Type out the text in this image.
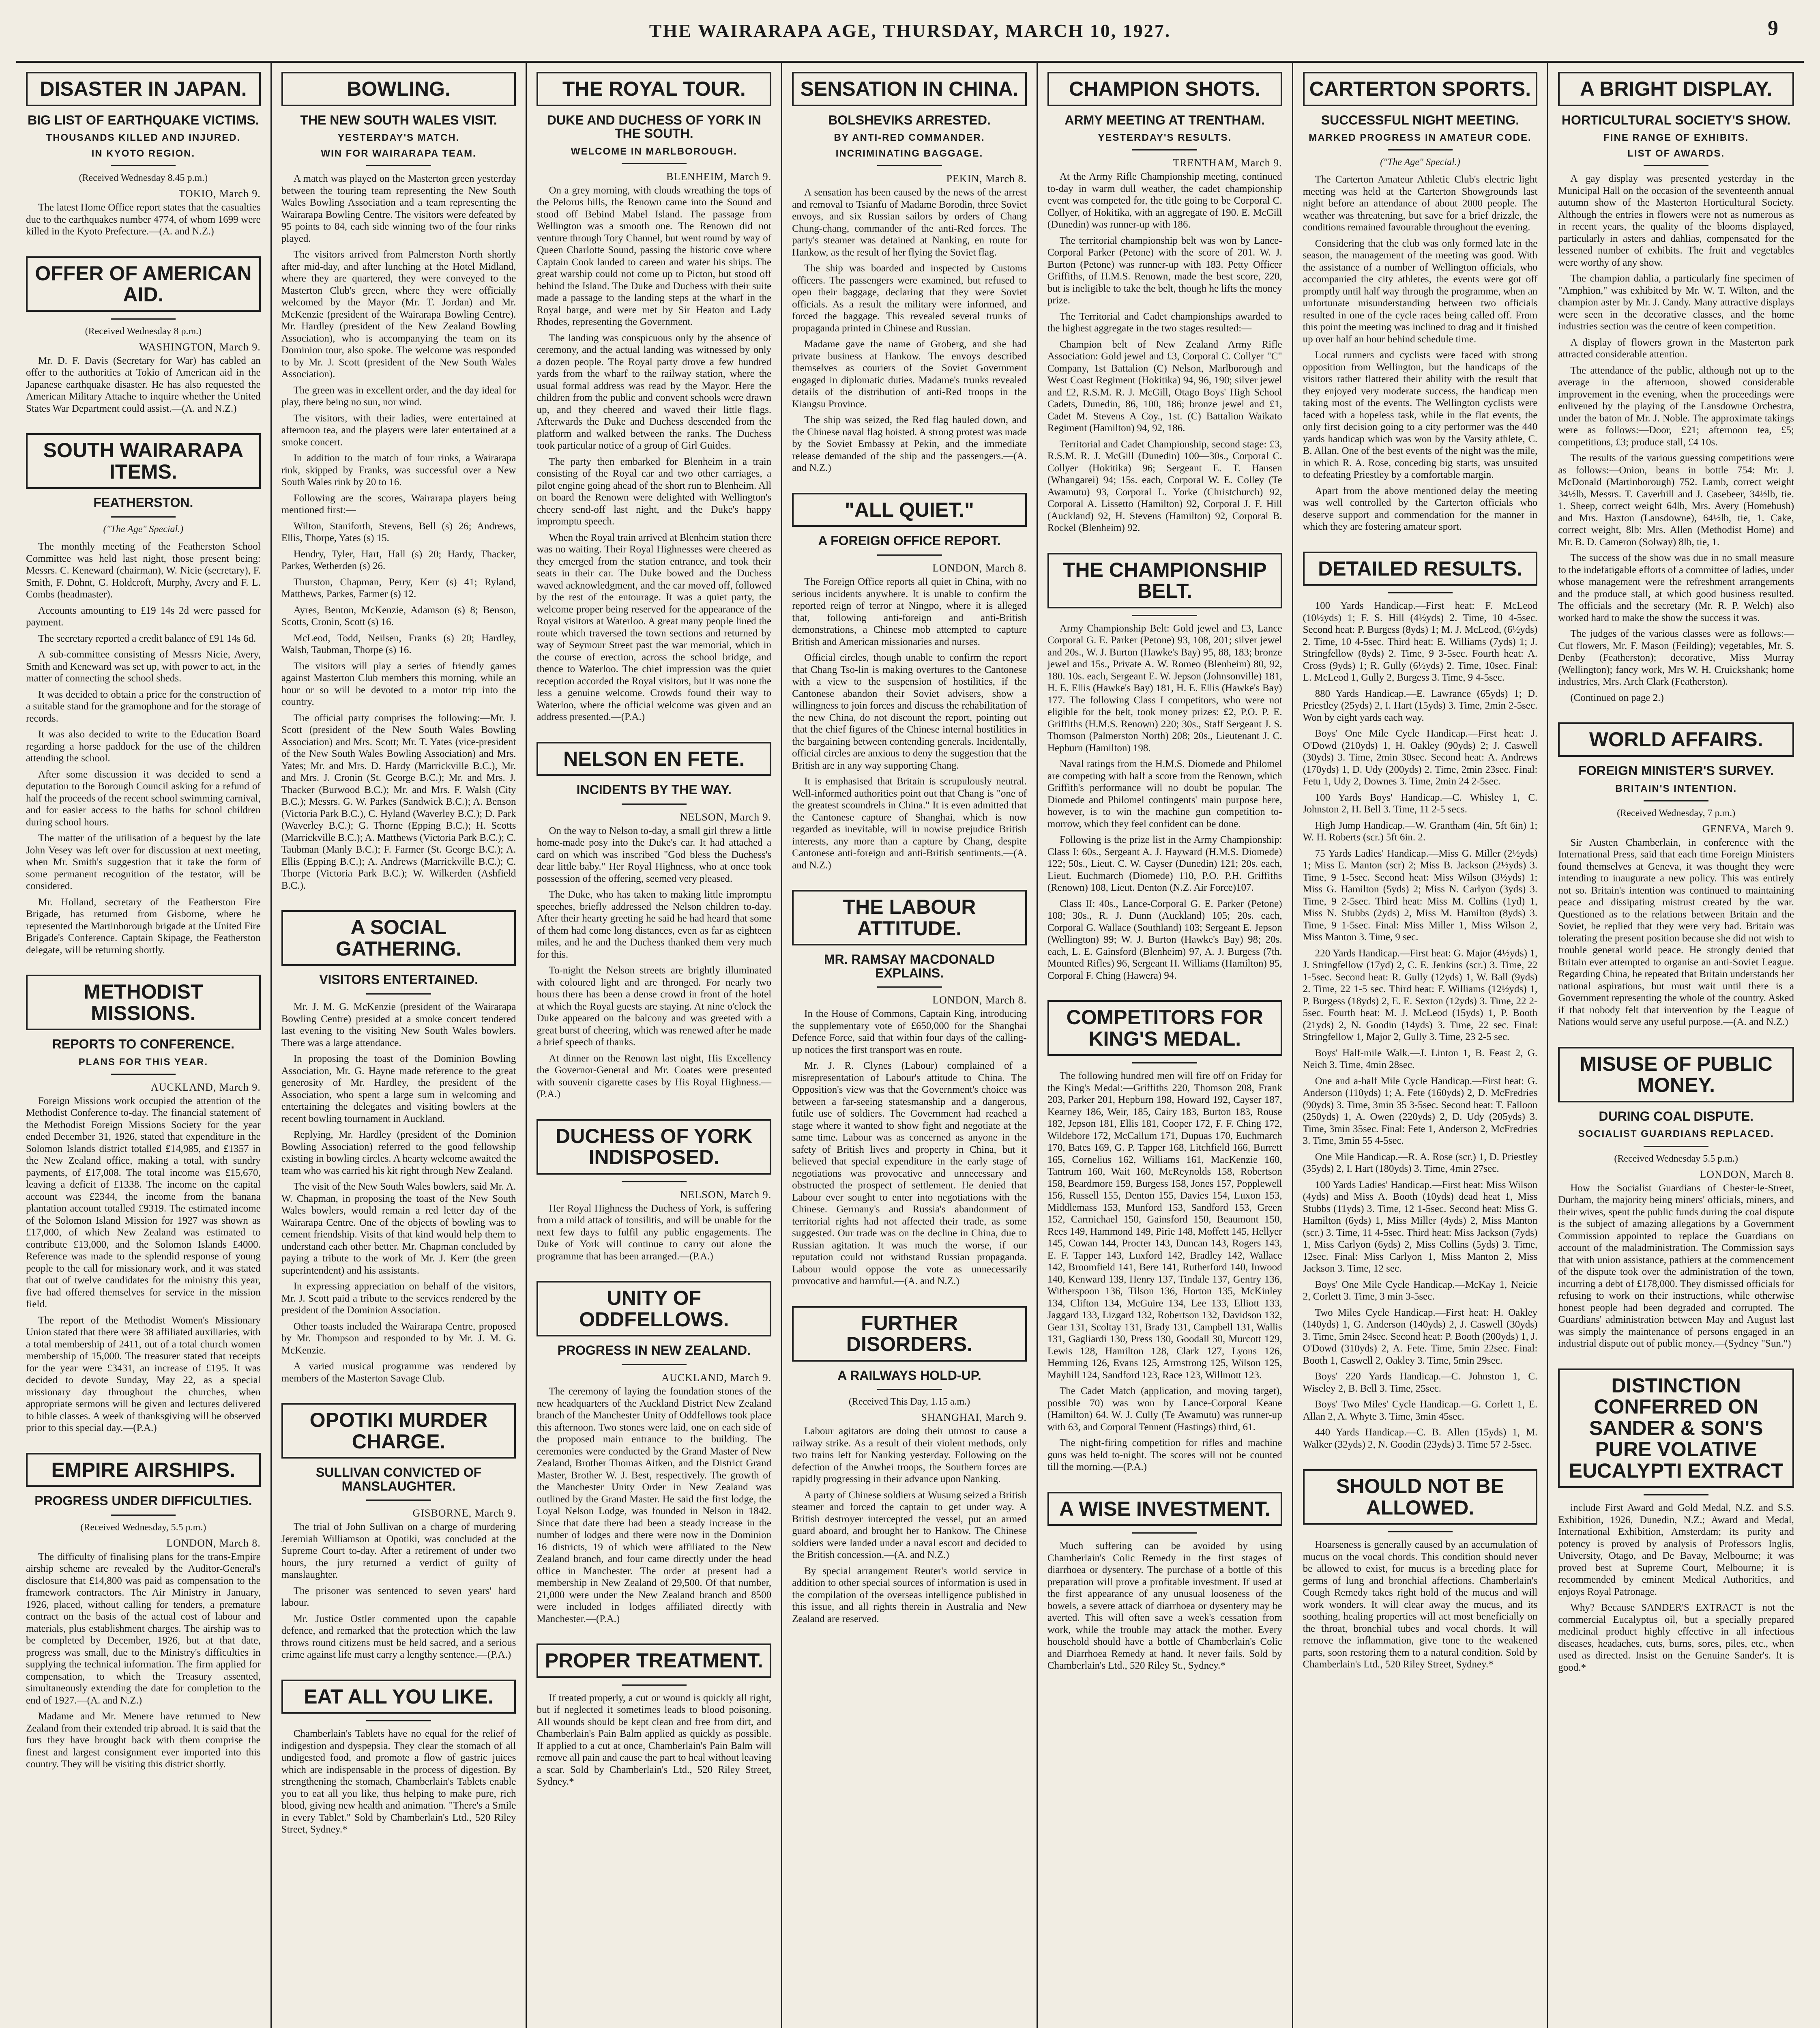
THE WAIRARAPA AGE, THURSDAY, MARCH 10, 1927.	9
DISASTER IN JAPAN.
BIG LIST OF EARTHQUAKE VICTIMS.
THOUSANDS KILLED AND INJURED.
IN KYOTO REGION.
(Received Wednesday 8.45 p.m.)
TOKIO, March 9.

The latest Home Office report states that the casualties due to the earthquakes number 4774, of whom 1699 were killed in the Kyoto Prefecture.—(A. and N.Z.)

OFFER OF AMERICAN AID.
(Received Wednesday 8 p.m.)
WASHINGTON, March 9.

Mr. D. F. Davis (Secretary for War) has cabled an offer to the authorities at Tokio of American aid in the Japanese earthquake disaster. He has also requested the American Military Attache to inquire whether the United States War Department could assist.—(A. and N.Z.)

SOUTH WAIRARAPA ITEMS.
FEATHERSTON.
("The Age" Special.)

The monthly meeting of the Featherston School Committee was held last night, those present being: Messrs. C. Keneward (chairman), W. Nicie (secretary), F. Smith, F. Dohnt, G. Holdcroft, Murphy, Avery and F. L. Combs (headmaster).

Accounts amounting to £19 14s 2d were passed for payment.

The secretary reported a credit balance of £91 14s 6d.

A sub-committee consisting of Messrs Nicie, Avery, Smith and Keneward was set up, with power to act, in the matter of connecting the school sheds.

It was decided to obtain a price for the construction of a suitable stand for the gramophone and for the storage of records.

It was also decided to write to the Education Board regarding a horse paddock for the use of the children attending the school.

After some discussion it was decided to send a deputation to the Borough Council asking for a refund of half the proceeds of the recent school swimming carnival, and for easier access to the baths for school children during school hours.

The matter of the utilisation of a bequest by the late John Vesey was left over for discussion at next meeting, when Mr. Smith's suggestion that it take the form of some permanent recognition of the testator, will be considered.

Mr. Holland, secretary of the Featherston Fire Brigade, has returned from Gisborne, where he represented the Martinborough brigade at the United Fire Brigade's Conference. Captain Skipage, the Featherston delegate, will be returning shortly.

METHODIST MISSIONS.
REPORTS TO CONFERENCE.
PLANS FOR THIS YEAR.
AUCKLAND, March 9.

Foreign Missions work occupied the attention of the Methodist Conference to-day. The financial statement of the Methodist Foreign Missions Society for the year ended December 31, 1926, stated that expenditure in the Solomon Islands district totalled £14,985, and £1357 in the New Zealand office, making a total, with sundry payments, of £17,008. The total income was £15,670, leaving a deficit of £1338. The income on the capital account was £2344, the income from the banana plantation account totalled £9319. The estimated income of the Solomon Island Mission for 1927 was shown as £17,000, of which New Zealand was estimated to contribute £13,000, and the Solomon Islands £4000. Reference was made to the splendid response of young people to the call for missionary work, and it was stated that out of twelve candidates for the ministry this year, five had offered themselves for service in the mission field.

The report of the Methodist Women's Missionary Union stated that there were 38 affiliated auxiliaries, with a total membership of 2411, out of a total church women membership of 15,000. The treasurer stated that receipts for the year were £3431, an increase of £195. It was decided to devote Sunday, May 22, as a special missionary day throughout the churches, when appropriate sermons will be given and lectures delivered to bible classes. A week of thanksgiving will be observed prior to this special day.—(P.A.)

EMPIRE AIRSHIPS.
PROGRESS UNDER DIFFICULTIES.
(Received Wednesday, 5.5 p.m.)
LONDON, March 8.

The difficulty of finalising plans for the trans-Empire airship scheme are revealed by the Auditor-General's disclosure that £14,800 was paid as compensation to the framework contractors. The Air Ministry in January, 1926, placed, without calling for tenders, a premature contract on the basis of the actual cost of labour and materials, plus establishment charges. The airship was to be completed by December, 1926, but at that date, progress was small, due to the Ministry's difficulties in supplying the technical information. The firm applied for compensation, to which the Treasury assented, simultaneously extending the date for completion to the end of 1927.—(A. and N.Z.)

Madame and Mr. Menere have returned to New Zealand from their extended trip abroad. It is said that the furs they have brought back with them comprise the finest and largest consignment ever imported into this country. They will be visiting this district shortly.

BOWLING.
THE NEW SOUTH WALES VISIT.
YESTERDAY'S MATCH.
WIN FOR WAIRARAPA TEAM.

A match was played on the Masterton green yesterday between the touring team representing the New South Wales Bowling Association and a team representing the Wairarapa Bowling Centre. The visitors were defeated by 95 points to 84, each side winning two of the four rinks played.

The visitors arrived from Palmerston North shortly after mid-day, and after lunching at the Hotel Midland, where they are quartered, they were conveyed to the Masterton Club's green, where they were officially welcomed by the Mayor (Mr. T. Jordan) and Mr. McKenzie (president of the Wairarapa Bowling Centre). Mr. Hardley (president of the New Zealand Bowling Association), who is accompanying the team on its Dominion tour, also spoke. The welcome was responded to by Mr. J. Scott (president of the New South Wales Association).

The green was in excellent order, and the day ideal for play, there being no sun, nor wind.

The visitors, with their ladies, were entertained at afternoon tea, and the players were later entertained at a smoke concert.

In addition to the match of four rinks, a Wairarapa rink, skipped by Franks, was successful over a New South Wales rink by 20 to 16.

Following are the scores, Wairarapa players being mentioned first:—

Wilton, Staniforth, Stevens, Bell (s) 26; Andrews, Ellis, Thorpe, Yates (s) 15.

Hendry, Tyler, Hart, Hall (s) 20; Hardy, Thacker, Parkes, Wetherden (s) 26.

Thurston, Chapman, Perry, Kerr (s) 41; Ryland, Matthews, Parkes, Farmer (s) 12.

Ayres, Benton, McKenzie, Adamson (s) 8; Benson, Scotts, Cronin, Scott (s) 16.

McLeod, Todd, Neilsen, Franks (s) 20; Hardley, Walsh, Taubman, Thorpe (s) 16.

The visitors will play a series of friendly games against Masterton Club members this morning, while an hour or so will be devoted to a motor trip into the country.

The official party comprises the following:—Mr. J. Scott (president of the New South Wales Bowling Association) and Mrs. Scott; Mr. T. Yates (vice-president of the New South Wales Bowling Association) and Mrs. Yates; Mr. and Mrs. D. Hardy (Marrickville B.C.), Mr. and Mrs. J. Cronin (St. George B.C.); Mr. and Mrs. J. Thacker (Burwood B.C.); Mr. and Mrs. F. Walsh (City B.C.); Messrs. G. W. Parkes (Sandwick B.C.); A. Benson (Victoria Park B.C.), C. Hyland (Waverley B.C.); D. Park (Waverley B.C.); G. Thorne (Epping B.C.); H. Scotts (Marrickville B.C.); A. Matthews (Victoria Park B.C.); C. Taubman (Manly B.C.); F. Farmer (St. George B.C.); A. Ellis (Epping B.C.); A. Andrews (Marrickville B.C.); C. Thorpe (Victoria Park B.C.); W. Wilkerden (Ashfield B.C.).

A SOCIAL GATHERING.
VISITORS ENTERTAINED.

Mr. J. M. G. McKenzie (president of the Wairarapa Bowling Centre) presided at a smoke concert tendered last evening to the visiting New South Wales bowlers. There was a large attendance.

In proposing the toast of the Dominion Bowling Association, Mr. G. Hayne made reference to the great generosity of Mr. Hardley, the president of the Association, who spent a large sum in welcoming and entertaining the delegates and visiting bowlers at the recent bowling tournament in Auckland.

Replying, Mr. Hardley (president of the Dominion Bowling Association) referred to the good fellowship existing in bowling circles. A hearty welcome awaited the team who was carried his kit right through New Zealand.

The visit of the New South Wales bowlers, said Mr. A. W. Chapman, in proposing the toast of the New South Wales bowlers, would remain a red letter day of the Wairarapa Centre. One of the objects of bowling was to cement friendship. Visits of that kind would help them to understand each other better. Mr. Chapman concluded by paying a tribute to the work of Mr. J. Kerr (the green superintendent) and his assistants.

In expressing appreciation on behalf of the visitors, Mr. J. Scott paid a tribute to the services rendered by the president of the Dominion Association.

Other toasts included the Wairarapa Centre, proposed by Mr. Thompson and responded to by Mr. J. M. G. McKenzie.

A varied musical programme was rendered by members of the Masterton Savage Club.

OPOTIKI MURDER CHARGE.
SULLIVAN CONVICTED OF MANSLAUGHTER.
GISBORNE, March 9.

The trial of John Sullivan on a charge of murdering Jeremiah Williamson at Opotiki, was concluded at the Supreme Court to-day. After a retirement of under two hours, the jury returned a verdict of guilty of manslaughter.

The prisoner was sentenced to seven years' hard labour.

Mr. Justice Ostler commented upon the capable defence, and remarked that the protection which the law throws round citizens must be held sacred, and a serious crime against life must carry a lengthy sentence.—(P.A.)

EAT ALL YOU LIKE.

Chamberlain's Tablets have no equal for the relief of indigestion and dyspepsia. They clear the stomach of all undigested food, and promote a flow of gastric juices which are indispensable in the process of digestion. By strengthening the stomach, Chamberlain's Tablets enable you to eat all you like, thus helping to make pure, rich blood, giving new health and animation. "There's a Smile in every Tablet." Sold by Chamberlain's Ltd., 520 Riley Street, Sydney.*

THE ROYAL TOUR.
DUKE AND DUCHESS OF YORK IN THE SOUTH.
WELCOME IN MARLBOROUGH.
BLENHEIM, March 9.

On a grey morning, with clouds wreathing the tops of the Pelorus hills, the Renown came into the Sound and stood off Bebind Mabel Island. The passage from Wellington was a smooth one. The Renown did not venture through Tory Channel, but went round by way of Queen Charlotte Sound, passing the historic cove where Captain Cook landed to careen and water his ships. The great warship could not come up to Picton, but stood off behind the Island. The Duke and Duchess with their suite made a passage to the landing steps at the wharf in the Royal barge, and were met by Sir Heaton and Lady Rhodes, representing the Government.

The landing was conspicuous only by the absence of ceremony, and the actual landing was witnessed by only a dozen people. The Royal party drove a few hundred yards from the wharf to the railway station, where the usual formal address was read by the Mayor. Here the children from the public and convent schools were drawn up, and they cheered and waved their little flags. Afterwards the Duke and Duchess descended from the platform and walked between the ranks. The Duchess took particular notice of a group of Girl Guides.

The party then embarked for Blenheim in a train consisting of the Royal car and two other carriages, a pilot engine going ahead of the short run to Blenheim. All on board the Renown were delighted with Wellington's cheery send-off last night, and the Duke's happy impromptu speech.

When the Royal train arrived at Blenheim station there was no waiting. Their Royal Highnesses were cheered as they emerged from the station entrance, and took their seats in their car. The Duke bowed and the Duchess waved acknowledgment, and the car moved off, followed by the rest of the entourage. It was a quiet party, the welcome proper being reserved for the appearance of the Royal visitors at Waterloo. A great many people lined the route which traversed the town sections and returned by way of Seymour Street past the war memorial, which in the course of erection, across the school bridge, and thence to Waterloo. The chief impression was the quiet reception accorded the Royal visitors, but it was none the less a genuine welcome. Crowds found their way to Waterloo, where the official welcome was given and an address presented.—(P.A.)

NELSON EN FETE.
INCIDENTS BY THE WAY.
NELSON, March 9.

On the way to Nelson to-day, a small girl threw a little home-made posy into the Duke's car. It had attached a card on which was inscribed "God bless the Duchess's dear little baby." Her Royal Highness, who at once took possession of the offering, seemed very pleased.

The Duke, who has taken to making little impromptu speeches, briefly addressed the Nelson children to-day. After their hearty greeting he said he had heard that some of them had come long distances, even as far as eighteen miles, and he and the Duchess thanked them very much for this.

To-night the Nelson streets are brightly illuminated with coloured light and are thronged. For nearly two hours there has been a dense crowd in front of the hotel at which the Royal guests are staying. At nine o'clock the Duke appeared on the balcony and was greeted with a great burst of cheering, which was renewed after he made a brief speech of thanks.

At dinner on the Renown last night, His Excellency the Governor-General and Mr. Coates were presented with souvenir cigarette cases by His Royal Highness.—(P.A.)

DUCHESS OF YORK INDISPOSED.
NELSON, March 9.

Her Royal Highness the Duchess of York, is suffering from a mild attack of tonsilitis, and will be unable for the next few days to fulfil any public engagements. The Duke of York will continue to carry out alone the programme that has been arranged.—(P.A.)

UNITY OF ODDFELLOWS.
PROGRESS IN NEW ZEALAND.
AUCKLAND, March 9.

The ceremony of laying the foundation stones of the new headquarters of the Auckland District New Zealand branch of the Manchester Unity of Oddfellows took place this afternoon. Two stones were laid, one on each side of the proposed main entrance to the building. The ceremonies were conducted by the Grand Master of New Zealand, Brother Thomas Aitken, and the District Grand Master, Brother W. J. Best, respectively. The growth of the Manchester Unity Order in New Zealand was outlined by the Grand Master. He said the first lodge, the Loyal Nelson Lodge, was founded in Nelson in 1842. Since that date there had been a steady increase in the number of lodges and there were now in the Dominion 16 districts, 19 of which were affiliated to the New Zealand branch, and four came directly under the head office in Manchester. The order at present had a membership in New Zealand of 29,500. Of that number, 21,000 were under the New Zealand branch and 8500 were included in lodges affiliated directly with Manchester.—(P.A.)

PROPER TREATMENT.

If treated properly, a cut or wound is quickly all right, but if neglected it sometimes leads to blood poisoning. All wounds should be kept clean and free from dirt, and Chamberlain's Pain Balm applied as quickly as possible. If applied to a cut at once, Chamberlain's Pain Balm will remove all pain and cause the part to heal without leaving a scar. Sold by Chamberlain's Ltd., 520 Riley Street, Sydney.*

SENSATION IN CHINA.
BOLSHEVIKS ARRESTED.
BY ANTI-RED COMMANDER.
INCRIMINATING BAGGAGE.
PEKIN, March 8.

A sensation has been caused by the news of the arrest and removal to Tsianfu of Madame Borodin, three Soviet envoys, and six Russian sailors by orders of Chang Chung-chang, commander of the anti-Red forces. The party's steamer was detained at Nanking, en route for Hankow, as the result of her flying the Soviet flag.

The ship was boarded and inspected by Customs officers. The passengers were examined, but refused to open their baggage, declaring that they were Soviet officials. As a result the military were informed, and forced the baggage. This revealed several trunks of propaganda printed in Chinese and Russian.

Madame gave the name of Groberg, and she had private business at Hankow. The envoys described themselves as couriers of the Soviet Government engaged in diplomatic duties. Madame's trunks revealed details of the distribution of anti-Red troops in the Kiangsu Province.

The ship was seized, the Red flag hauled down, and the Chinese naval flag hoisted. A strong protest was made by the Soviet Embassy at Pekin, and the immediate release demanded of the ship and the passengers.—(A. and N.Z.)

"ALL QUIET."
A FOREIGN OFFICE REPORT.
LONDON, March 8.

The Foreign Office reports all quiet in China, with no serious incidents anywhere. It is unable to confirm the reported reign of terror at Ningpo, where it is alleged that, following anti-foreign and anti-British demonstrations, a Chinese mob attempted to capture British and American missionaries and nurses.

Official circles, though unable to confirm the report that Chang Tso-lin is making overtures to the Cantonese with a view to the suspension of hostilities, if the Cantonese abandon their Soviet advisers, show a willingness to join forces and discuss the rehabilitation of the new China, do not discount the report, pointing out that the chief figures of the Chinese internal hostilities in the bargaining between contending generals. Incidentally, official circles are anxious to deny the suggestion that the British are in any way supporting Chang.

It is emphasised that Britain is scrupulously neutral. Well-informed authorities point out that Chang is "one of the greatest scoundrels in China." It is even admitted that the Cantonese capture of Shanghai, which is now regarded as inevitable, will in nowise prejudice British interests, any more than a capture by Chang, despite Cantonese anti-foreign and anti-British sentiments.—(A. and N.Z.)

THE LABOUR ATTITUDE.
MR. RAMSAY MACDONALD EXPLAINS.
LONDON, March 8.

In the House of Commons, Captain King, introducing the supplementary vote of £650,000 for the Shanghai Defence Force, said that within four days of the calling-up notices the first transport was en route.

Mr. J. R. Clynes (Labour) complained of a misrepresentation of Labour's attitude to China. The Opposition's view was that the Government's choice was between a far-seeing statesmanship and a dangerous, futile use of soldiers. The Government had reached a stage where it wanted to show fight and negotiate at the same time. Labour was as concerned as anyone in the safety of British lives and property in China, but it believed that special expenditure in the early stage of negotiations was provocative and unnecessary and obstructed the prospect of settlement. He denied that Labour ever sought to enter into negotiations with the Chinese. Germany's and Russia's abandonment of territorial rights had not affected their trade, as some suggested. Our trade was on the decline in China, due to Russian agitation. It was much the worse, if our reputation could not withstand Russian propaganda. Labour would oppose the vote as unnecessarily provocative and harmful.—(A. and N.Z.)

FURTHER DISORDERS.
A RAILWAYS HOLD-UP.
(Received This Day, 1.15 a.m.)
SHANGHAI, March 9.

Labour agitators are doing their utmost to cause a railway strike. As a result of their violent methods, only two trains left for Nanking yesterday. Following on the defection of the Anwhei troops, the Southern forces are rapidly progressing in their advance upon Nanking.

A party of Chinese soldiers at Wusung seized a British steamer and forced the captain to get under way. A British destroyer intercepted the vessel, put an armed guard aboard, and brought her to Hankow. The Chinese soldiers were landed under a naval escort and decided to the British concession.—(A. and N.Z.)

By special arrangement Reuter's world service in addition to other special sources of information is used in the compilation of the overseas intelligence published in this issue, and all rights therein in Australia and New Zealand are reserved.

CHAMPION SHOTS.
ARMY MEETING AT TRENTHAM.
YESTERDAY'S RESULTS.
TRENTHAM, March 9.

At the Army Rifle Championship meeting, continued to-day in warm dull weather, the cadet championship event was competed for, the title going to be Corporal C. Collyer, of Hokitika, with an aggregate of 190. E. McGill (Dunedin) was runner-up with 186.

The territorial championship belt was won by Lance-Corporal Parker (Petone) with the score of 201. W. J. Burton (Petone) was runner-up with 183. Petty Officer Griffiths, of H.M.S. Renown, made the best score, 220, but is ineligible to take the belt, though he lifts the money prize.

The Territorial and Cadet championships awarded to the highest aggregate in the two stages resulted:—

Champion belt of New Zealand Army Rifle Association: Gold jewel and £3, Corporal C. Collyer "C" Company, 1st Battalion (C) Nelson, Marlborough and West Coast Regiment (Hokitika) 94, 96, 190; silver jewel and £2, R.S.M. R. J. McGill, Otago Boys' High School Cadets, Dunedin, 86, 100, 186; bronze jewel and £1, Cadet M. Stevens A Coy., 1st. (C) Battalion Waikato Regiment (Hamilton) 94, 92, 186.

Territorial and Cadet Championship, second stage: £3, R.S.M. R. J. McGill (Dunedin) 100—30s., Corporal C. Collyer (Hokitika) 96; Sergeant E. T. Hansen (Whangarei) 94; 15s. each, Corporal W. E. Colley (Te Awamutu) 93, Corporal L. Yorke (Christchurch) 92, Corporal A. Lissetto (Hamilton) 92, Corporal J. F. Hill (Auckland) 92, H. Stevens (Hamilton) 92, Corporal B. Rockel (Blenheim) 92.

THE CHAMPIONSHIP BELT.

Army Championship Belt: Gold jewel and £3, Lance Corporal G. E. Parker (Petone) 93, 108, 201; silver jewel and 20s., W. J. Burton (Hawke's Bay) 95, 88, 183; bronze jewel and 15s., Private A. W. Romeo (Blenheim) 80, 92, 180. 10s. each, Sergeant E. W. Jepson (Johnsonville) 181, H. E. Ellis (Hawke's Bay) 181, H. E. Ellis (Hawke's Bay) 177. The following Class I competitors, who were not eligible for the belt, took money prizes: £2, P.O. P. E. Griffiths (H.M.S. Renown) 220; 30s., Staff Sergeant J. S. Thomson (Palmerston North) 208; 20s., Lieutenant J. C. Hepburn (Hamilton) 198.

Naval ratings from the H.M.S. Diomede and Philomel are competing with half a score from the Renown, which Griffith's performance will no doubt be popular. The Diomede and Philomel contingents' main purpose here, however, is to win the machine gun competition to-morrow, which they feel confident can be done.

Following is the prize list in the Army Championship: Class I: 60s., Sergeant A. J. Hayward (H.M.S. Diomede) 122; 50s., Lieut. C. W. Cayser (Dunedin) 121; 20s. each, Lieut. Euchmarch (Diomede) 110, P.O. P.H. Griffiths (Renown) 108, Lieut. Denton (N.Z. Air Force)107.

Class II: 40s., Lance-Corporal G. E. Parker (Petone) 108; 30s., R. J. Dunn (Auckland) 105; 20s. each, Corporal G. Wallace (Southland) 103; Sergeant E. Jepson (Wellington) 99; W. J. Burton (Hawke's Bay) 98; 20s. each, L. E. Gainsford (Blenheim) 97, A. J. Burgess (7th. Mounted Rifles) 96, Sergeant H. Williams (Hamilton) 95, Corporal F. Ching (Hawera) 94.

COMPETITORS FOR KING'S MEDAL.

The following hundred men will fire off on Friday for the King's Medal:—Griffiths 220, Thomson 208, Frank 203, Parker 201, Hepburn 198, Howard 192, Cayser 187, Kearney 186, Weir, 185, Cairy 183, Burton 183, Rouse 182, Jepson 181, Ellis 181, Cooper 172, F. F. Ching 172, Wildebore 172, McCallum 171, Dupuas 170, Euchmarch 170, Bates 169, G. P. Tapper 168, Litchfield 166, Burrett 165, Cornelius 162, Williams 161, MacKenzie 160, Tantrum 160, Wait 160, McReynolds 158, Robertson 158, Beardmore 159, Burgess 158, Jones 157, Popplewell 156, Russell 155, Denton 155, Davies 154, Luxon 153, Middlemass 153, Munford 153, Sandford 153, Green 152, Carmichael 150, Gainsford 150, Beaumont 150, Rees 149, Hammond 149, Pirie 148, Moffett 145, Hellyer 145, Cowan 144, Procter 143, Duncan 143, Rogers 143, E. F. Tapper 143, Luxford 142, Bradley 142, Wallace 142, Broomfield 141, Bere 141, Rutherford 140, Inwood 140, Kenward 139, Henry 137, Tindale 137, Gentry 136, Witherspoon 136, Tilson 136, Horton 135, McKinley 134, Clifton 134, McGuire 134, Lee 133, Elliott 133, Jaggard 133, Lizgard 132, Robertson 132, Davidson 132, Gear 131, Scoltay 131, Brady 131, Campbell 131, Wallis 131, Gagliardi 130, Press 130, Goodall 30, Murcott 129, Lewis 128, Hamilton 128, Clark 127, Lyons 126, Hemming 126, Evans 125, Armstrong 125, Wilson 125, Mayhill 124, Sandford 123, Race 123, Willmott 123.

The Cadet Match (application, and moving target), possible 70) was won by Lance-Corporal Keane (Hamilton) 64. W. J. Cully (Te Awamutu) was runner-up with 63, and Corporal Tennent (Hastings) third, 61.

The night-firing competition for rifles and machine guns was held to-night. The scores will not be counted till the morning.—(P.A.)

A WISE INVESTMENT.

Much suffering can be avoided by using Chamberlain's Colic Remedy in the first stages of diarrhoea or dysentery. The purchase of a bottle of this preparation will prove a profitable investment. If used at the first appearance of any unusual looseness of the bowels, a severe attack of diarrhoea or dysentery may be averted. This will often save a week's cessation from work, while the trouble may attack the mother. Every household should have a bottle of Chamberlain's Colic and Diarrhoea Remedy at hand. It never fails. Sold by Chamberlain's Ltd., 520 Riley St., Sydney.*

CARTERTON SPORTS.
SUCCESSFUL NIGHT MEETING.
MARKED PROGRESS IN AMATEUR CODE.
("The Age" Special.)

The Carterton Amateur Athletic Club's electric light meeting was held at the Carterton Showgrounds last night before an attendance of about 2000 people. The weather was threatening, but save for a brief drizzle, the conditions remained favourable throughout the evening.

Considering that the club was only formed late in the season, the management of the meeting was good. With the assistance of a number of Wellington officials, who accompanied the city athletes, the events were got off promptly until half way through the programme, when an unfortunate misunderstanding between two officials resulted in one of the cycle races being called off. From this point the meeting was inclined to drag and it finished up over half an hour behind schedule time.

Local runners and cyclists were faced with strong opposition from Wellington, but the handicaps of the visitors rather flattered their ability with the result that they enjoyed very moderate success, the handicap men taking most of the events. The Wellington cyclists were faced with a hopeless task, while in the flat events, the only first decision going to a city performer was the 440 yards handicap which was won by the Varsity athlete, C. B. Allan. One of the best events of the night was the mile, in which R. A. Rose, conceding big starts, was unsuited to defeating Priestley by a comfortable margin.

Apart from the above mentioned delay the meeting was well controlled by the Carterton officials who deserve support and commendation for the manner in which they are fostering amateur sport.

DETAILED RESULTS.

100 Yards Handicap.—First heat: F. McLeod (10½yds) 1; F. S. Hill (4½yds) 2. Time, 10 4-5sec. Second heat: P. Burgess (8yds) 1; M. J. McLeod, (6½yds) 2. Time, 10 4-5sec. Third heat: E. Williams (7yds) 1; J. Stringfellow (8yds) 2. Time, 9 3-5sec. Fourth heat: A. Cross (9yds) 1; R. Gully (6½yds) 2. Time, 10sec. Final: L. McLeod 1, Gully 2, Burgess 3. Time, 9 4-5sec.

880 Yards Handicap.—E. Lawrance (65yds) 1; D. Priestley (25yds) 2, I. Hart (15yds) 3. Time, 2min 2-5sec. Won by eight yards each way.

Boys' One Mile Cycle Handicap.—First heat: J. O'Dowd (210yds) 1, H. Oakley (90yds) 2; J. Caswell (30yds) 3. Time, 2min 30sec. Second heat: A. Andrews (170yds) 1, D. Udy (200yds) 2. Time, 2min 23sec. Final: Fetu 1, Udy 2, Downes 3. Time, 2min 24 2-5sec.

100 Yards Boys' Handicap.—C. Whisley 1, C. Johnston 2, H. Bell 3. Time, 11 2-5 secs.

High Jump Handicap.—W. Grantham (4in, 5ft 6in) 1; W. H. Roberts (scr.) 5ft 6in. 2.

75 Yards Ladies' Handicap.—Miss G. Miller (2½yds) 1; Miss E. Manton (scr) 2; Miss B. Jackson (2½yds) 3. Time, 9 1-5sec. Second heat: Miss Wilson (3½yds) 1; Miss G. Hamilton (5yds) 2; Miss N. Carlyon (3yds) 3. Time, 9 2-5sec. Third heat: Miss M. Collins (1yd) 1, Miss N. Stubbs (2yds) 2, Miss M. Hamilton (8yds) 3. Time, 9 1-5sec. Final: Miss Miller 1, Miss Wilson 2, Miss Manton 3. Time, 9 sec.

220 Yards Handicap.—First heat: G. Major (4½yds) 1, J. Stringfellow (17yd) 2, C. E. Jenkins (scr.) 3. Time, 22 1-5sec. Second heat: R. Gully (12yds) 1, W. Ball (9yds) 2. Time, 22 1-5 sec. Third heat: F. Williams (12½yds) 1, P. Burgess (18yds) 2, E. E. Sexton (12yds) 3. Time, 22 2-5sec. Fourth heat: M. J. McLeod (15yds) 1, P. Booth (21yds) 2, N. Goodin (14yds) 3. Time, 22 sec. Final: Stringfellow 1, Major 2, Gully 3. Time, 23 2-5 sec.

Boys' Half-mile Walk.—J. Linton 1, B. Feast 2, G. Neich 3. Time, 4min 28sec.

One and a-half Mile Cycle Handicap.—First heat: G. Anderson (110yds) 1; A. Fete (160yds) 2, D. McFredries (90yds) 3. Time, 3min 35 3-5sec. Second heat: T. Falloon (250yds) 1, A. Owen (220yds) 2, D. Udy (205yds) 3. Time, 3min 35sec. Final: Fete 1, Anderson 2, McFredries 3. Time, 3min 55 4-5sec.

One Mile Handicap.—R. A. Rose (scr.) 1, D. Priestley (35yds) 2, I. Hart (180yds) 3. Time, 4min 27sec.

100 Yards Ladies' Handicap.—First heat: Miss Wilson (4yds) and Miss A. Booth (10yds) dead heat 1, Miss Stubbs (11yds) 3. Time, 12 1-5sec. Second heat: Miss G. Hamilton (6yds) 1, Miss Miller (4yds) 2, Miss Manton (scr.) 3. Time, 11 4-5sec. Third heat: Miss Jackson (7yds) 1, Miss Carlyon (6yds) 2, Miss Collins (5yds) 3. Time, 12sec. Final: Miss Carlyon 1, Miss Manton 2, Miss Jackson 3. Time, 12 sec.

Boys' One Mile Cycle Handicap.—McKay 1, Neicie 2, Corlett 3. Time, 3 min 3-5sec.

Two Miles Cycle Handicap.—First heat: H. Oakley (140yds) 1, G. Anderson (140yds) 2, J. Caswell (30yds) 3. Time, 5min 24sec. Second heat: P. Booth (200yds) 1, J. O'Dowd (310yds) 2, A. Fete. Time, 5min 22sec. Final: Booth 1, Caswell 2, Oakley 3. Time, 5min 29sec.

Boys' 220 Yards Handicap.—C. Johnston 1, C. Wiseley 2, B. Bell 3. Time, 25sec.

Boys' Two Miles' Cycle Handicap.—G. Corlett 1, E. Allan 2, A. Whyte 3. Time, 3min 45sec.

440 Yards Handicap.—C. B. Allen (15yds) 1, M. Walker (32yds) 2, N. Goodin (23yds) 3. Time 57 2-5sec.

SHOULD NOT BE ALLOWED.

Hoarseness is generally caused by an accumulation of mucus on the vocal chords. This condition should never be allowed to exist, for mucus is a breeding place for germs of lung and bronchial affections. Chamberlain's Cough Remedy takes right hold of the mucus and will work wonders. It will clear away the mucus, and its soothing, healing properties will act most beneficially on the throat, bronchial tubes and vocal chords. It will remove the inflammation, give tone to the weakened parts, soon restoring them to a natural condition. Sold by Chamberlain's Ltd., 520 Riley Street, Sydney.*

A BRIGHT DISPLAY.
HORTICULTURAL SOCIETY'S SHOW.
FINE RANGE OF EXHIBITS.
LIST OF AWARDS.

A gay display was presented yesterday in the Municipal Hall on the occasion of the seventeenth annual autumn show of the Masterton Horticultural Society. Although the entries in flowers were not as numerous as in recent years, the quality of the blooms displayed, particularly in asters and dahlias, compensated for the lessened number of exhibits. The fruit and vegetables were worthy of any show.

The champion dahlia, a particularly fine specimen of "Amphion," was exhibited by Mr. W. T. Wilton, and the champion aster by Mr. J. Candy. Many attractive displays were seen in the decorative classes, and the home industries section was the centre of keen competition.

A display of flowers grown in the Masterton park attracted considerable attention.

The attendance of the public, although not up to the average in the afternoon, showed considerable improvement in the evening, when the proceedings were enlivened by the playing of the Lansdowne Orchestra, under the baton of Mr. J. Noble. The approximate takings were as follows:—Door, £21; afternoon tea, £5; competitions, £3; produce stall, £4 10s.

The results of the various guessing competitions were as follows:—Onion, beans in bottle 754: Mr. J. McDonald (Martinborough) 752. Lamb, correct weight 34½lb, Messrs. T. Caverhill and J. Casebeer, 34½lb, tie. 1. Sheep, correct weight 64lb, Mrs. Avery (Homebush) and Mrs. Haxton (Lansdowne), 64½lb, tie, 1. Cake, correct weight, 8lb: Mrs. Allen (Methodist Home) and Mr. B. D. Cameron (Solway) 8lb, tie, 1.

The success of the show was due in no small measure to the indefatigable efforts of a committee of ladies, under whose management were the refreshment arrangements and the produce stall, at which good business resulted. The officials and the secretary (Mr. R. P. Welch) also worked hard to make the show the success it was.

The judges of the various classes were as follows:—Cut flowers, Mr. F. Mason (Feilding); vegetables, Mr. S. Denby (Featherston); decorative, Miss Murray (Wellington); fancy work, Mrs W. H. Cruickshank; home industries, Mrs. Arch Clark (Featherston).

(Continued on page 2.)

WORLD AFFAIRS.
FOREIGN MINISTER'S SURVEY.
BRITAIN'S INTENTION.
(Received Wednesday, 7 p.m.)
GENEVA, March 9.

Sir Austen Chamberlain, in conference with the International Press, said that each time Foreign Ministers found themselves at Geneva, it was thought they were intending to inaugurate a new policy. This was entirely not so. Britain's intention was continued to maintaining peace and dissipating mistrust created by the war. Questioned as to the relations between Britain and the Soviet, he replied that they were very bad. Britain was tolerating the present position because she did not wish to trouble general world peace. He strongly denied that Britain ever attempted to organise an anti-Soviet League. Regarding China, he repeated that Britain understands her national aspirations, but must wait until there is a Government representing the whole of the country. Asked if that nobody felt that intervention by the League of Nations would serve any useful purpose.—(A. and N.Z.)

MISUSE OF PUBLIC MONEY.
DURING COAL DISPUTE.
SOCIALIST GUARDIANS REPLACED.
(Received Wednesday 5.5 p.m.)
LONDON, March 8.

How the Socialist Guardians of Chester-le-Street, Durham, the majority being miners' officials, miners, and their wives, spent the public funds during the coal dispute is the subject of amazing allegations by a Government Commission appointed to replace the Guardians on account of the maladministration. The Commission says that with union assistance, pathiers at the commencement of the dispute took over the administration of the town, incurring a debt of £178,000. They dismissed officials for refusing to work on their instructions, while otherwise honest people had been degraded and corrupted. The Guardians' administration between May and August last was simply the maintenance of persons engaged in an industrial dispute out of public money.—(Sydney "Sun.")

DISTINCTION CONFERRED ON SANDER & SON'S PURE VOLATIVE EUCALYPTI EXTRACT

include First Award and Gold Medal, N.Z. and S.S. Exhibition, 1926, Dunedin, N.Z.; Award and Medal, International Exhibition, Amsterdam; its purity and potency is proved by analysis of Professors Inglis, University, Otago, and De Bavay, Melbourne; it was proved best at Supreme Court, Melbourne; it is recommended by eminent Medical Authorities, and enjoys Royal Patronage.

Why? Because SANDER'S EXTRACT is not the commercial Eucalyptus oil, but a specially prepared medicinal product highly effective in all infectious diseases, headaches, cuts, burns, sores, piles, etc., when used as directed. Insist on the Genuine Sander's. It is good.*
